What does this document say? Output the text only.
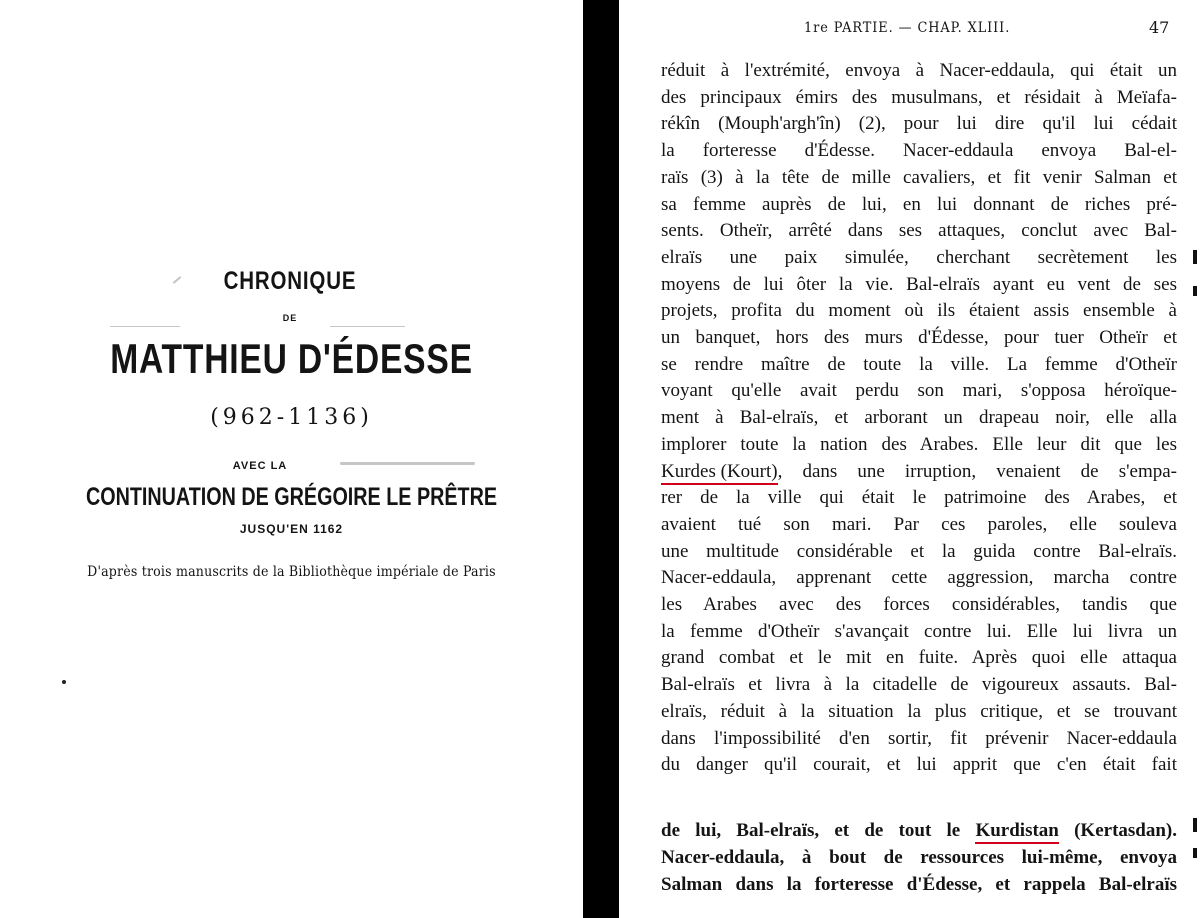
CHRONIQUE
DE
MATTHIEU D'ÉDESSE
(962-1136)
AVEC LA
CONTINUATION DE GRÉGOIRE LE PRÊTRE
JUSQU'EN 1162
D'après trois manuscrits de la Bibliothèque impériale de Paris
1re PARTIE. — CHAP. XLIII.	47
réduit à l'extrémité, envoya à Nacer-eddaula, qui était un
des principaux émirs des musulmans, et résidait à Meïafa-
rékîn (Mouph'argh'în) (2), pour lui dire qu'il lui cédait
la forteresse d'Édesse. Nacer-eddaula envoya Bal-el-
raïs (3) à la tête de mille cavaliers, et fit venir Salman et
sa femme auprès de lui, en lui donnant de riches pré-
sents. Otheïr, arrêté dans ses attaques, conclut avec Bal-
elraïs une paix simulée, cherchant secrètement les
moyens de lui ôter la vie. Bal-elraïs ayant eu vent de ses
projets, profita du moment où ils étaient assis ensemble à
un banquet, hors des murs d'Édesse, pour tuer Otheïr et
se rendre maître de toute la ville. La femme d'Otheïr
voyant qu'elle avait perdu son mari, s'opposa héroïque-
ment à Bal-elraïs, et arborant un drapeau noir, elle alla
implorer toute la nation des Arabes. Elle leur dit que les
Kurdes (Kourt), dans une irruption, venaient de s'empa-
rer de la ville qui était le patrimoine des Arabes, et
avaient tué son mari. Par ces paroles, elle souleva
une multitude considérable et la guida contre Bal-elraïs.
Nacer-eddaula, apprenant cette aggression, marcha contre
les Arabes avec des forces considérables, tandis que
la femme d'Otheïr s'avançait contre lui. Elle lui livra un
grand combat et le mit en fuite. Après quoi elle attaqua
Bal-elraïs et livra à la citadelle de vigoureux assauts. Bal-
elraïs, réduit à la situation la plus critique, et se trouvant
dans l'impossibilité d'en sortir, fit prévenir Nacer-eddaula
du danger qu'il courait, et lui apprit que c'en était fait
de lui, Bal-elraïs, et de tout le Kurdistan (Kertasdan).
Nacer-eddaula, à bout de ressources lui-même, envoya
Salman dans la forteresse d'Édesse, et rappela Bal-elraïs
